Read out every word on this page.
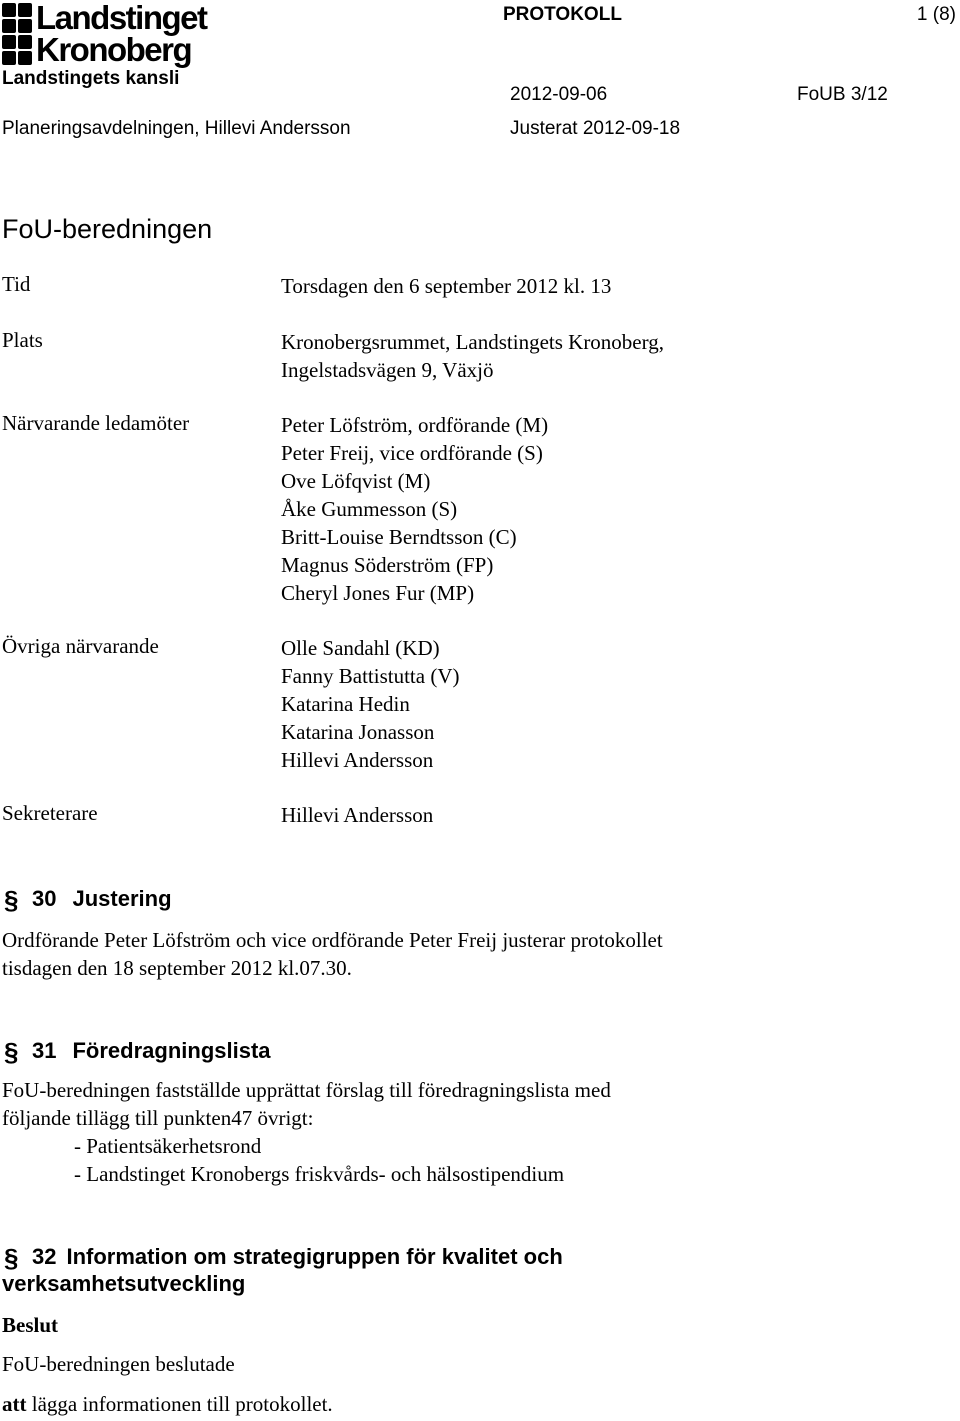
Landstinget
Kronoberg
PROTOKOLL	1 (8)
Landstingets kansli
2012-09-06	FoUB 3/12
Planeringsavdelningen, Hillevi Andersson	Justerat 2012-09-18
FoU-beredningen
Tid	Torsdagen den 6 september 2012 kl. 13
Plats	Kronobergsrummet, Landstingets Kronoberg,
Ingelstadsvägen 9, Växjö
Närvarande ledamöter	Peter Löfström, ordförande (M)
Peter Freij, vice ordförande (S)
Ove Löfqvist (M)
Åke Gummesson (S)
Britt-Louise Berndtsson (C)
Magnus Söderström (FP)
Cheryl Jones Fur (MP)
Övriga närvarande	Olle Sandahl (KD)
Fanny Battistutta (V)
Katarina Hedin
Katarina Jonasson
Hillevi Andersson
Sekreterare	Hillevi Andersson
§ 30 Justering
Ordförande Peter Löfström och vice ordförande Peter Freij justerar protokollet
tisdagen den 18 september 2012 kl.07.30.
§ 31 Föredragningslista
FoU-beredningen fastställde upprättat förslag till föredragningslista med
följande tillägg till punkten47 övrigt:
- Patientsäkerhetsrond
- Landstinget Kronobergs friskvårds- och hälsostipendium
§ 32 Information om strategigruppen för kvalitet och
verksamhetsutveckling
Beslut
FoU-beredningen beslutade
att lägga informationen till protokollet.
